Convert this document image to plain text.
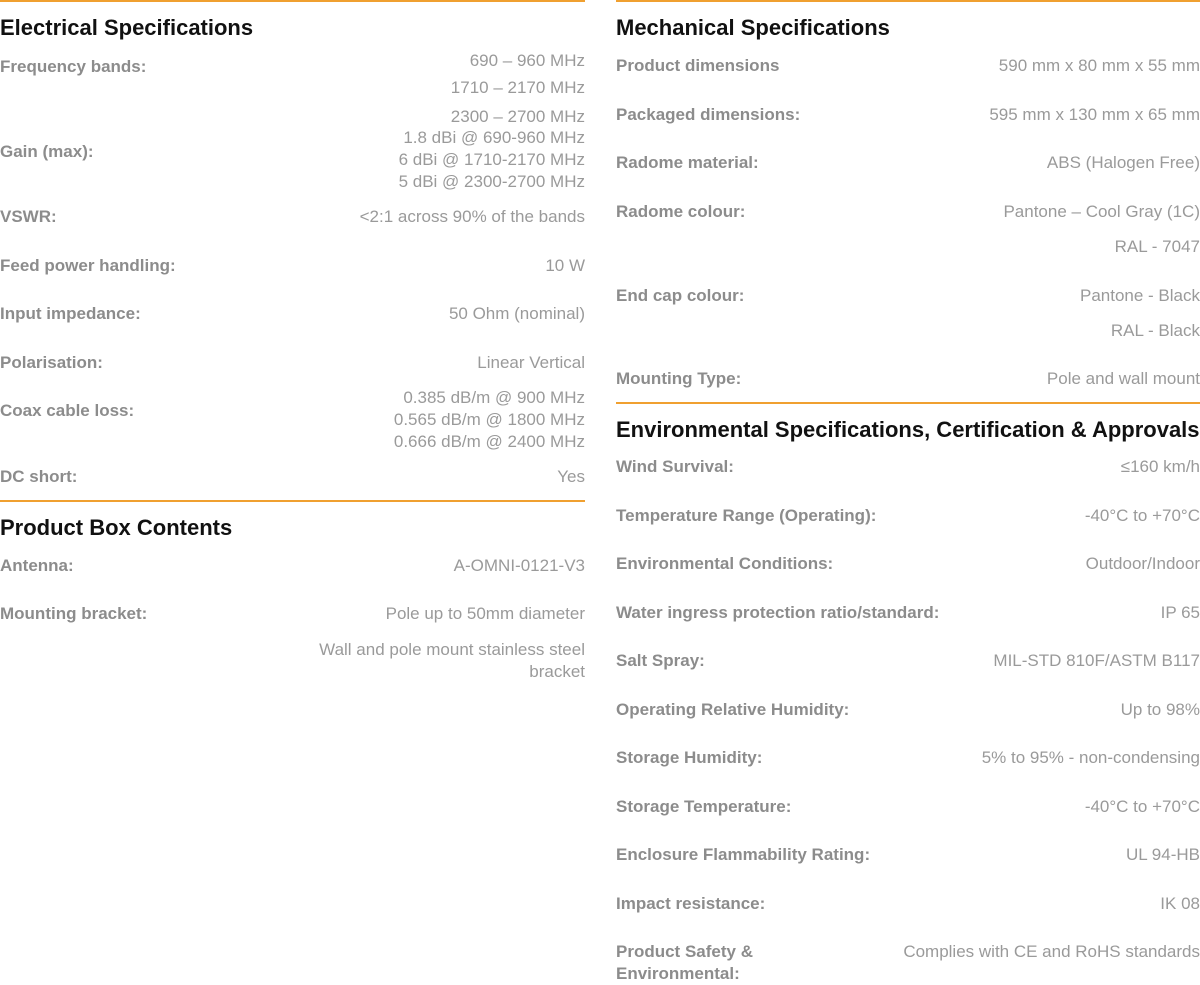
Electrical Specifications
Frequency bands:	690 – 960 MHz
1710 – 2170 MHz
2300 – 2700 MHz
Gain (max):
1.8 dBi @ 690-960 MHz
6 dBi @ 1710-2170 MHz
5 dBi @ 2300-2700 MHz
VSWR:	<2:1 across 90% of the bands
Feed power handling:	10 W
Input impedance:	50 Ohm (nominal)
Polarisation:	Linear Vertical
Coax cable loss:
0.385 dB/m @ 900 MHz
0.565 dB/m @ 1800 MHz
0.666 dB/m @ 2400 MHz
DC short:	Yes
Product Box Contents
Antenna:	A-OMNI-0121-V3
Mounting bracket:	Pole up to 50mm diameter
Wall and pole mount stainless steel bracket
Mechanical Specifications
Product dimensions	590 mm x 80 mm x 55 mm
Packaged dimensions:	595 mm x 130 mm x 65 mm
Radome material:	ABS (Halogen Free)
Radome colour:	Pantone – Cool Gray (1C)
RAL - 7047
End cap colour:	Pantone - Black
RAL - Black
Mounting Type:	Pole and wall mount
Environmental Specifications, Certification & Approvals
Wind Survival:	≤160 km/h
Temperature Range (Operating):	-40°C to +70°C
Environmental Conditions:	Outdoor/Indoor
Water ingress protection ratio/standard:	IP 65
Salt Spray:	MIL-STD 810F/ASTM B117
Operating Relative Humidity:	Up to 98%
Storage Humidity:	5% to 95% - non-condensing
Storage Temperature:	-40°C to +70°C
Enclosure Flammability Rating:	UL 94-HB
Impact resistance:	IK 08
Product Safety & Environmental:
Complies with CE and RoHS standards
